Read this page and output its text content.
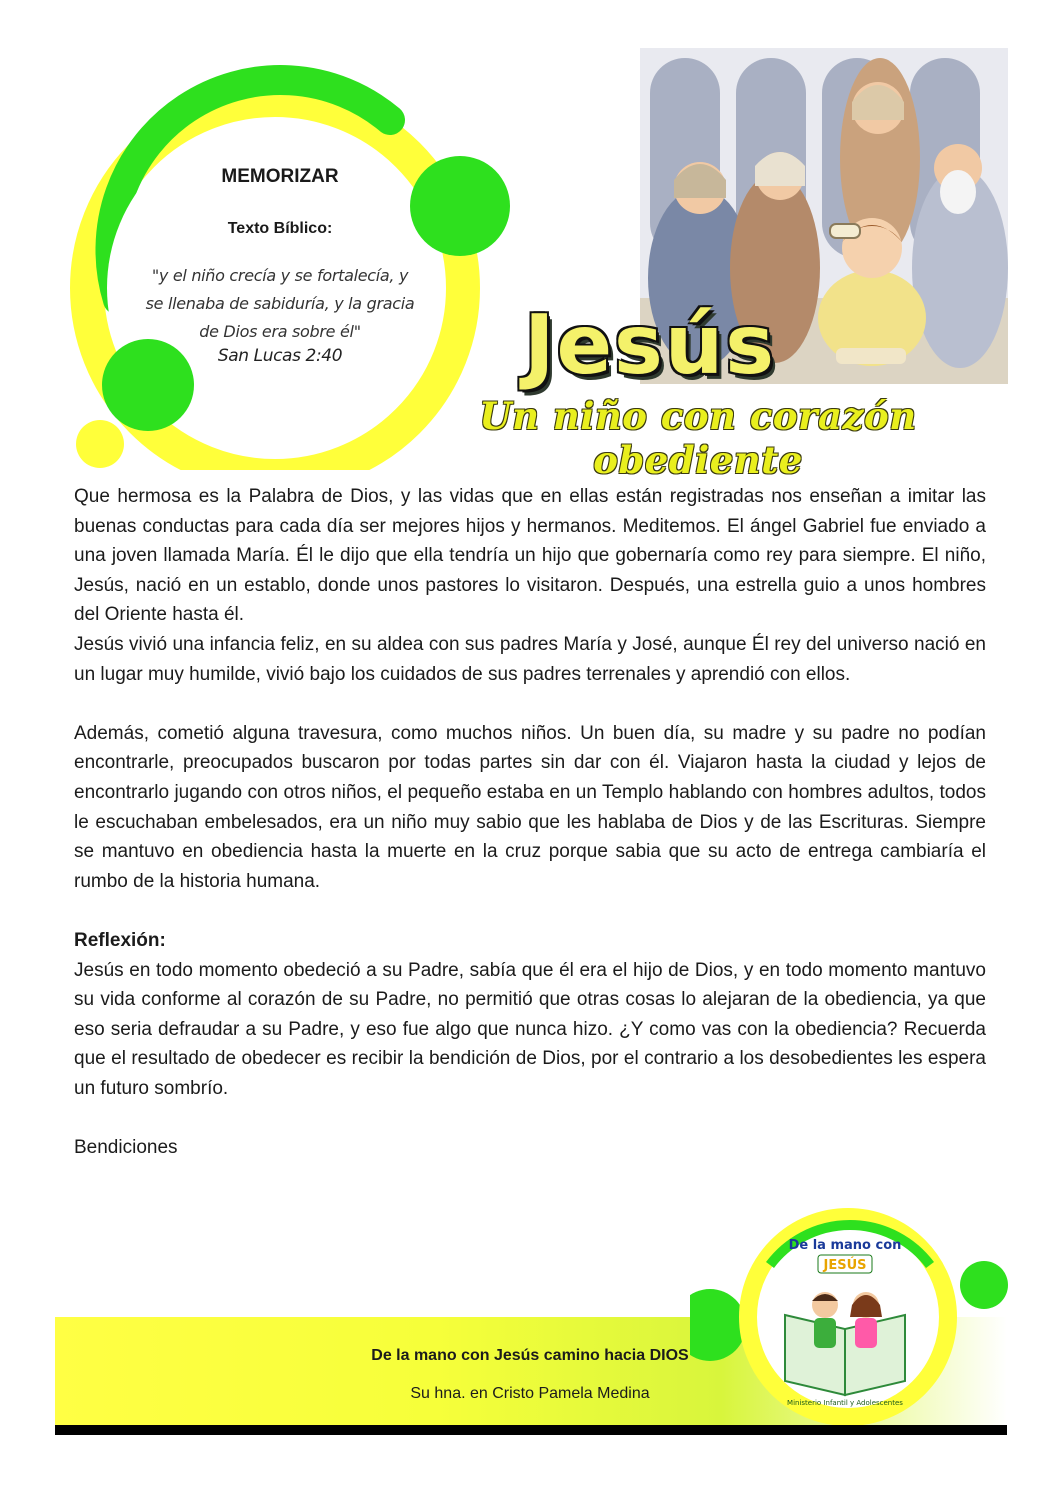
MEMORIZAR
Texto Bíblico:
"y el niño crecía y se fortalecía, y
se llenaba de sabiduría, y la gracia
de Dios era sobre él"
San Lucas 2:40	Jesús
Un niño con corazón obediente

Que hermosa es la Palabra de Dios, y las vidas que en ellas están registradas nos enseñan a imitar las buenas conductas para cada día ser mejores hijos y hermanos. Meditemos. El ángel Gabriel fue enviado a una joven llamada María. Él le dijo que ella tendría un hijo que gobernaría como rey para siempre. El niño, Jesús, nació en un establo, donde unos pastores lo visitaron. Después, una estrella guio a unos hombres del Oriente hasta él.

Jesús vivió una infancia feliz, en su aldea con sus padres María y José, aunque Él rey del universo nació en un lugar muy humilde, vivió bajo los cuidados de sus padres terrenales y aprendió con ellos.

Además, cometió alguna travesura, como muchos niños. Un buen día, su madre y su padre no podían encontrarle, preocupados buscaron por todas partes sin dar con él. Viajaron hasta la ciudad y lejos de encontrarlo jugando con otros niños, el pequeño estaba en un Templo hablando con hombres adultos, todos le escuchaban embelesados, era un niño muy sabio que les hablaba de Dios y de las Escrituras. Siempre se mantuvo en obediencia hasta la muerte en la cruz porque sabia que su acto de entrega cambiaría el rumbo de la historia humana.

Reflexión:

Jesús en todo momento obedeció a su Padre, sabía que él era el hijo de Dios, y en todo momento mantuvo su vida conforme al corazón de su Padre, no permitió que otras cosas lo alejaran de la obediencia, ya que eso seria defraudar a su Padre, y eso fue algo que nunca hizo. ¿Y como vas con la obediencia? Recuerda que el resultado de obedecer es recibir la bendición de Dios, por el contrario a los desobedientes les espera un futuro sombrío.

Bendiciones

De la mano con
JESÚS
Ministerio Infantil y Adolescentes
De la mano con Jesús camino hacia DIOS
Su hna. en Cristo Pamela Medina
